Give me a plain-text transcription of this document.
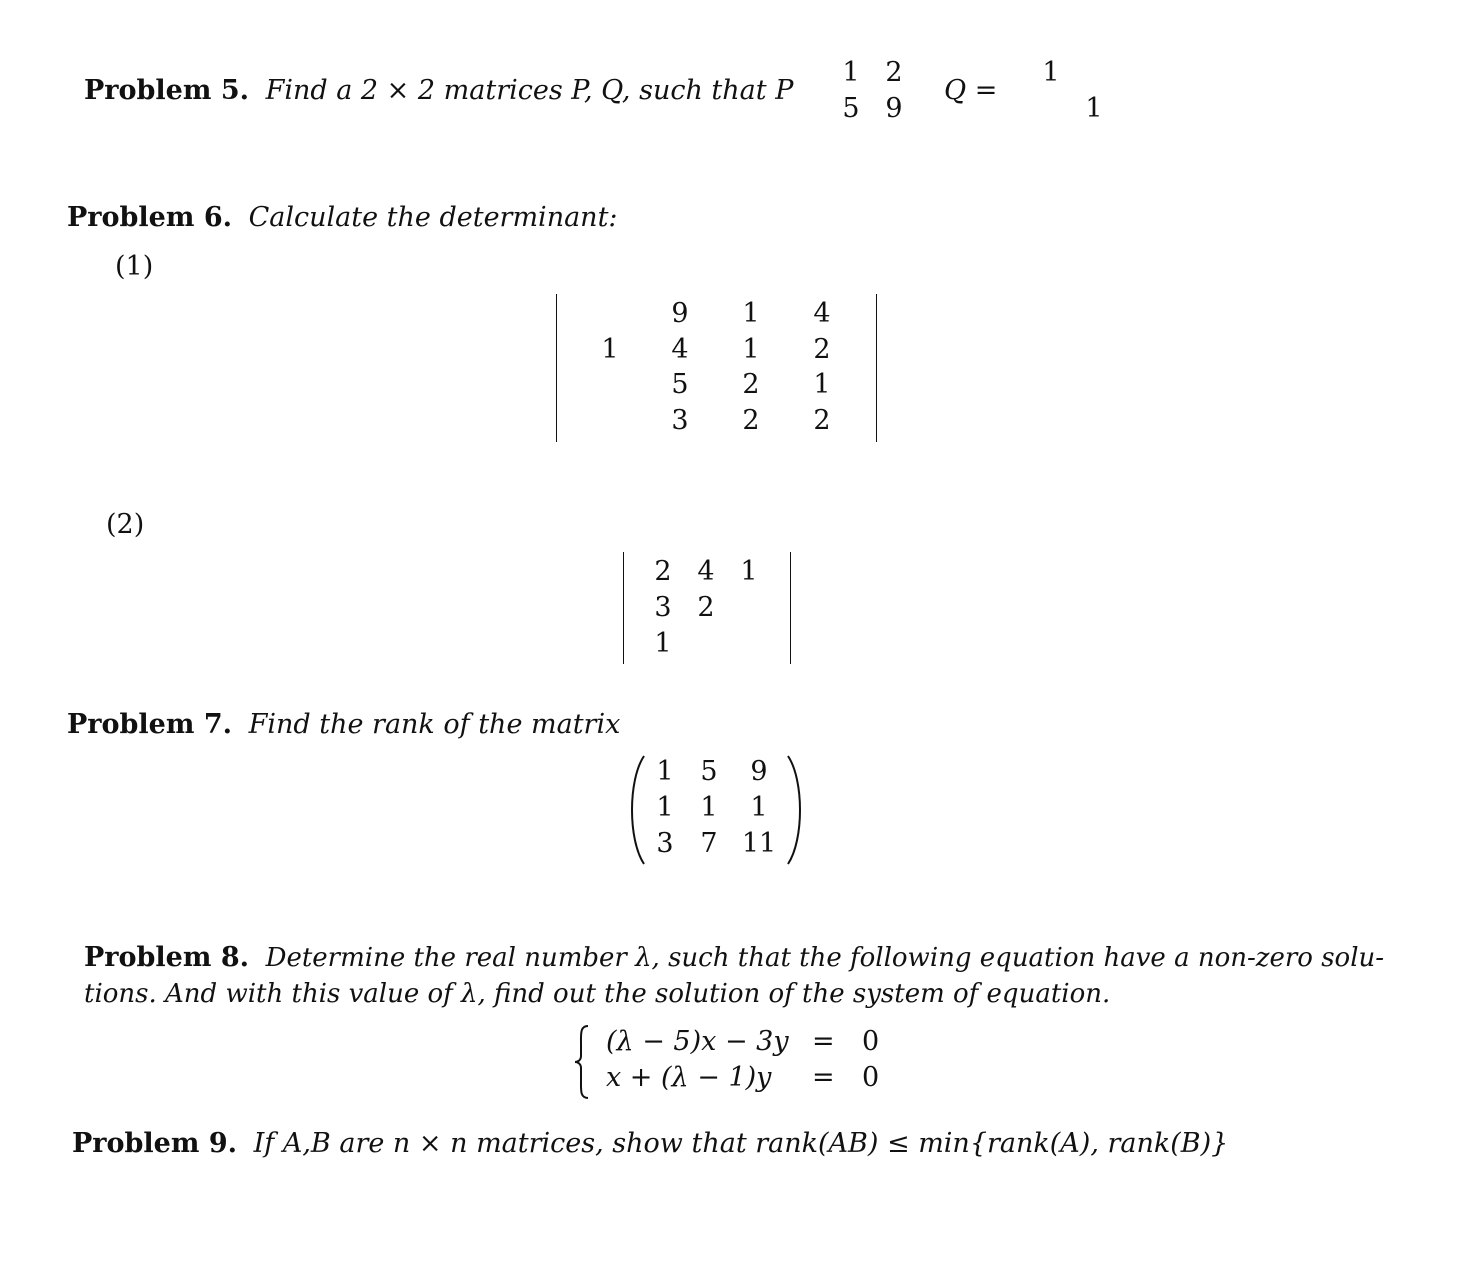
Problem 5. Find a 2 × 2 matrices P, Q, such that P
1 2
5 9
Q =
1
1
Problem 6. Calculate the determinant:
(1)
1
9
4
5
3
1
1
2
2
4
2
1
2
(2)
2 4 1
3 2
1
Problem 7. Find the rank of the matrix
1 5	9
1 1	1
3 7 11
Problem 8. Determine the real number λ, such that the following equation have a non-zero solu-
tions. And with this value of λ, find out the solution of the system of equation.
(λ − 5)x − 3y = 0
x + (λ − 1)y = 0
Problem 9. If A,B are n × n matrices, show that rank(AB) ≤ min{rank(A), rank(B)}
